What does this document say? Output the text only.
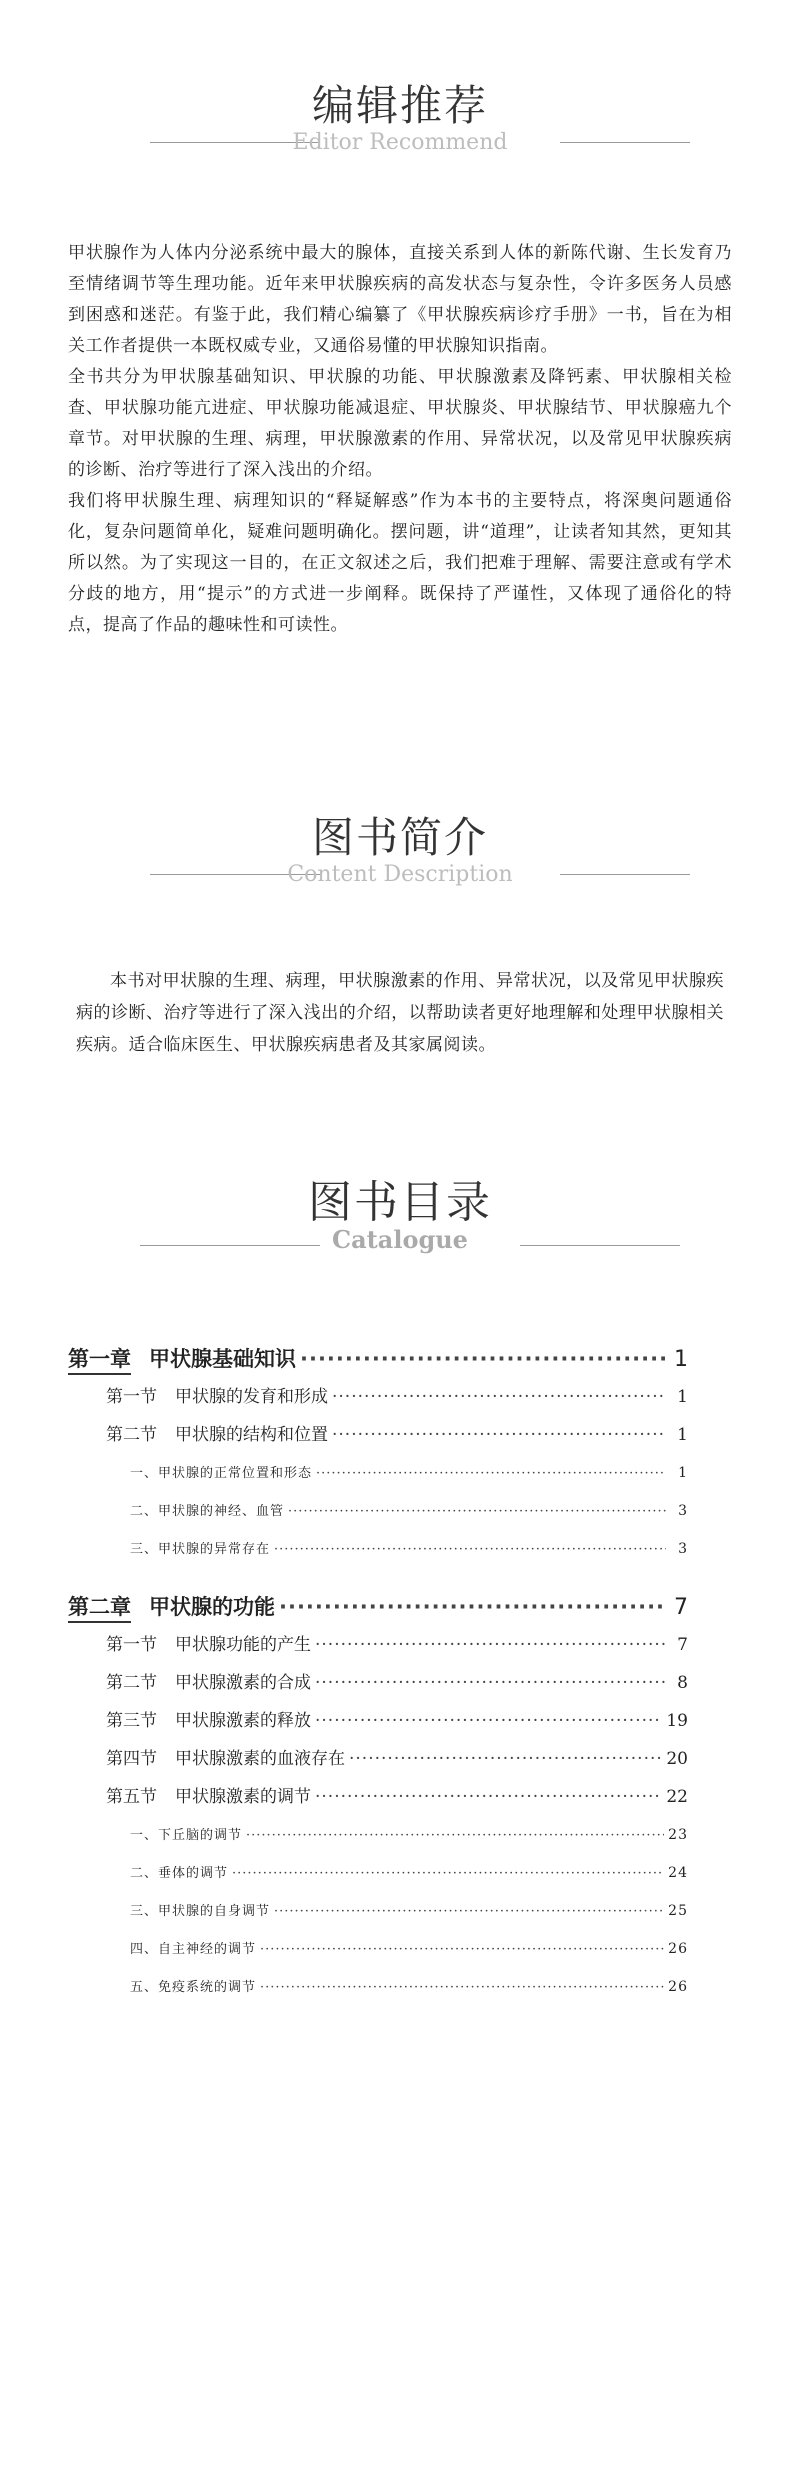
编辑推荐
Editor Recommend

甲状腺作为人体内分泌系统中最大的腺体，直接关系到人体的新陈代谢、生长发育乃至情绪调节等生理功能。近年来甲状腺疾病的高发状态与复杂性，令许多医务人员感到困惑和迷茫。有鉴于此，我们精心编纂了《甲状腺疾病诊疗手册》一书，旨在为相关工作者提供一本既权威专业，又通俗易懂的甲状腺知识指南。

全书共分为甲状腺基础知识、甲状腺的功能、甲状腺激素及降钙素、甲状腺相关检查、甲状腺功能亢进症、甲状腺功能减退症、甲状腺炎、甲状腺结节、甲状腺癌九个章节。对甲状腺的生理、病理，甲状腺激素的作用、异常状况，以及常见甲状腺疾病的诊断、治疗等进行了深入浅出的介绍。

我们将甲状腺生理、病理知识的“释疑解惑”作为本书的主要特点，将深奥问题通俗化，复杂问题简单化，疑难问题明确化。摆问题，讲“道理”，让读者知其然，更知其所以然。为了实现这一目的，在正文叙述之后，我们把难于理解、需要注意或有学术分歧的地方，用“提示”的方式进一步阐释。既保持了严谨性，又体现了通俗化的特点，提高了作品的趣味性和可读性。

图书简介
Content Description
本书对甲状腺的生理、病理，甲状腺激素的作用、异常状况，以及常见甲状腺疾病的诊断、治疗等进行了深入浅出的介绍，以帮助读者更好地理解和处理甲状腺相关疾病。适合临床医生、甲状腺疾病患者及其家属阅读。
图书目录
Catalogue
第一章 甲状腺基础知识 ·····	1
第一节 甲状腺的发育和形成 ·····	1
第二节 甲状腺的结构和位置 ·····	1
一、甲状腺的正常位置和形态 ·····	1
二、甲状腺的神经、血管 ·····	3
三、甲状腺的异常存在 ·····	3
第二章 甲状腺的功能 ·····	7
第一节 甲状腺功能的产生 ·····	7
第二节 甲状腺激素的合成 ·····	8
第三节 甲状腺激素的释放 ·····	19
第四节 甲状腺激素的血液存在 ·····	20
第五节 甲状腺激素的调节 ·····	22
一、下丘脑的调节 ·····	23
二、垂体的调节 ·····	24
三、甲状腺的自身调节 ·····	25
四、自主神经的调节 ·····	26
五、免疫系统的调节 ·····	26
